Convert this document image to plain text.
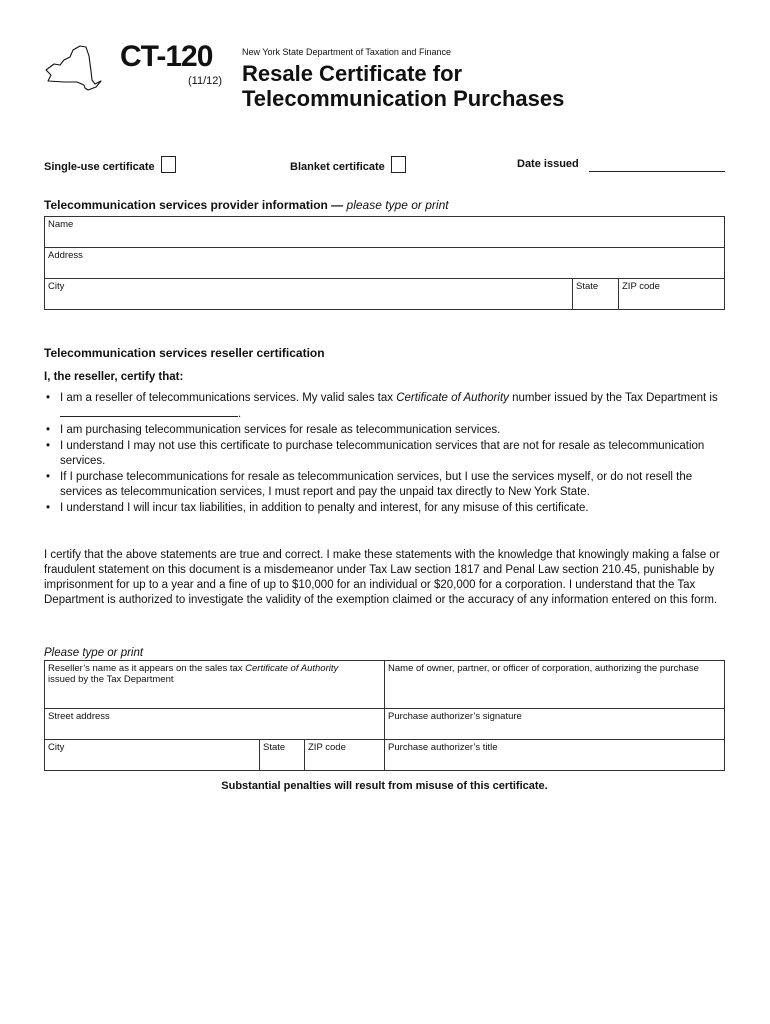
CT-120
(11/12)
New York State Department of Taxation and Finance
Resale Certificate for
Telecommunication Purchases
Single-use certificate	Blanket certificate	Date issued
Telecommunication services provider information — please type or print
Name
Address
City	State	ZIP code
Telecommunication services reseller certification
I, the reseller, certify that:
• I am a reseller of telecommunications services. My valid sales tax Certificate of Authority number issued by the Tax Department is .
• I am purchasing telecommunication services for resale as telecommunication services.
• I understand I may not use this certificate to purchase telecommunication services that are not for resale as telecommunication services.
• If I purchase telecommunications for resale as telecommunication services, but I use the services myself, or do not resell the services as telecommunication services, I must report and pay the unpaid tax directly to New York State.
• I understand I will incur tax liabilities, in addition to penalty and interest, for any misuse of this certificate.
I certify that the above statements are true and correct. I make these statements with the knowledge that knowingly making a false or fraudulent statement on this document is a misdemeanor under Tax Law section 1817 and Penal Law section 210.45, punishable by imprisonment for up to a year and a fine of up to $10,000 for an individual or $20,000 for a corporation. I understand that the Tax Department is authorized to investigate the validity of the exemption claimed or the accuracy of any information entered on this form.
Please type or print
Reseller’s name as it appears on the sales tax Certificate of Authority
issued by the Tax Department			Name of owner, partner, or officer of corporation, authorizing the purchase
Street address			Purchase authorizer’s signature
City	State	ZIP code	Purchase authorizer’s title
Substantial penalties will result from misuse of this certificate.
